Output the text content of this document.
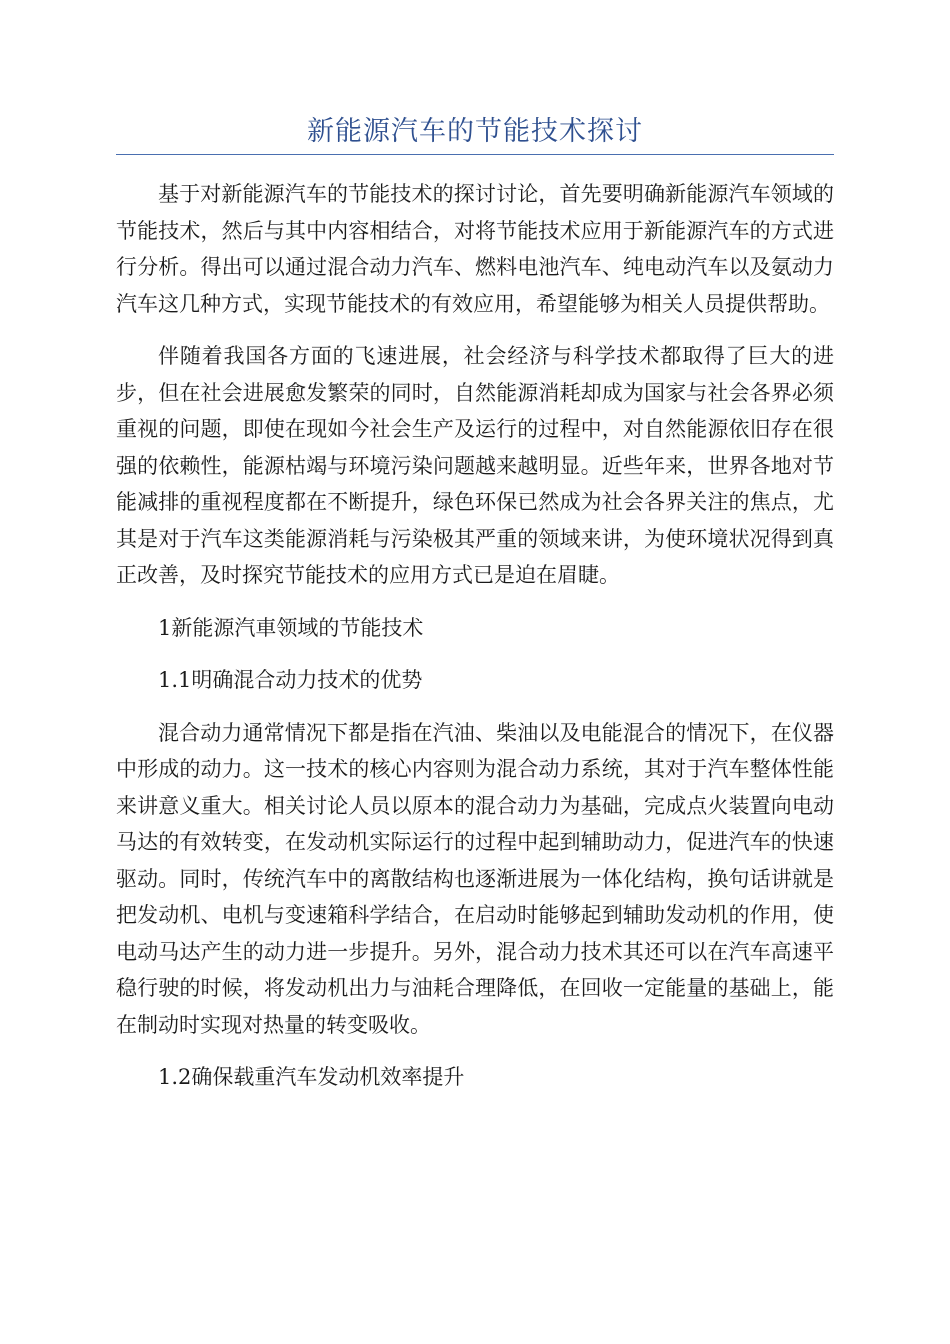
新能源汽车的节能技术探讨

基于对新能源汽车的节能技术的探讨讨论，首先要明确新能源汽车领域的节能技术，然后与其中内容相结合，对将节能技术应用于新能源汽车的方式进行分析。得出可以通过混合动力汽车、燃料电池汽车、纯电动汽车以及氨动力汽车这几种方式，实现节能技术的有效应用，希望能够为相关人员提供帮助。

伴随着我国各方面的飞速进展，社会经济与科学技术都取得了巨大的进步，但在社会进展愈发繁荣的同时，自然能源消耗却成为国家与社会各界必须重视的问题，即使在现如今社会生产及运行的过程中，对自然能源依旧存在很强的依赖性，能源枯竭与环境污染问题越来越明显。近些年来，世界各地对节能减排的重视程度都在不断提升，绿色环保已然成为社会各界关注的焦点，尤其是对于汽车这类能源消耗与污染极其严重的领域来讲，为使环境状况得到真正改善，及时探究节能技术的应用方式已是迫在眉睫。

1新能源汽車领域的节能技术

1.1明确混合动力技术的优势

混合动力通常情况下都是指在汽油、柴油以及电能混合的情况下，在仪器中形成的动力。这一技术的核心内容则为混合动力系统，其对于汽车整体性能来讲意义重大。相关讨论人员以原本的混合动力为基础，完成点火装置向电动马达的有效转变，在发动机实际运行的过程中起到辅助动力，促进汽车的快速驱动。同时，传统汽车中的离散结构也逐渐进展为一体化结构，换句话讲就是把发动机、电机与变速箱科学结合，在启动时能够起到辅助发动机的作用，使电动马达产生的动力进一步提升。另外，混合动力技术其还可以在汽车高速平稳行驶的时候，将发动机出力与油耗合理降低，在回收一定能量的基础上，能在制动时实现对热量的转变吸收。

1.2确保载重汽车发动机效率提升
